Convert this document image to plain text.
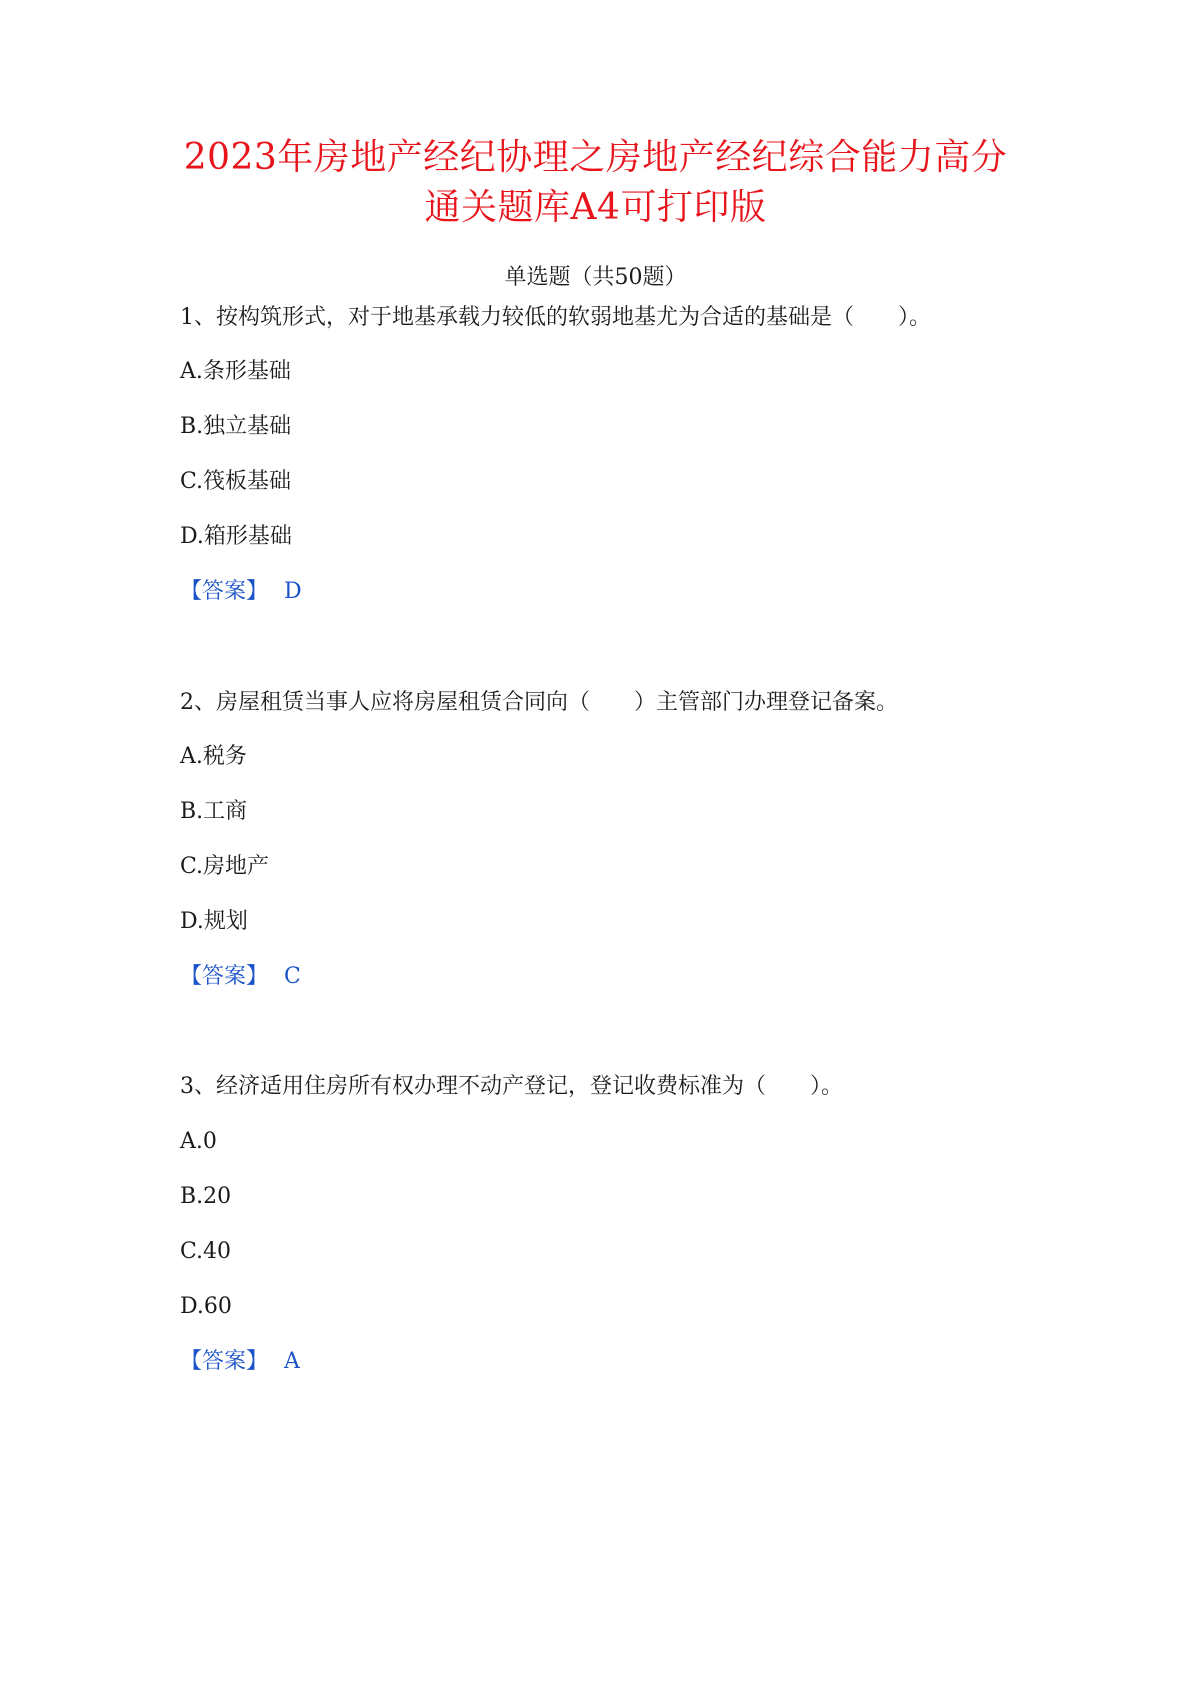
2023年房地产经纪协理之房地产经纪综合能力高分
通关题库A4可打印版
单选题（共50题）
1、按构筑形式，对于地基承载力较低的软弱地基尤为合适的基础是（　　）。
A.条形基础
B.独立基础
C.筏板基础
D.箱形基础
【答案】 D
2、房屋租赁当事人应将房屋租赁合同向（　　）主管部门办理登记备案。
A.税务
B.工商
C.房地产
D.规划
【答案】 C
3、经济适用住房所有权办理不动产登记，登记收费标准为（　　）。
A.0
B.20
C.40
D.60
【答案】 A
